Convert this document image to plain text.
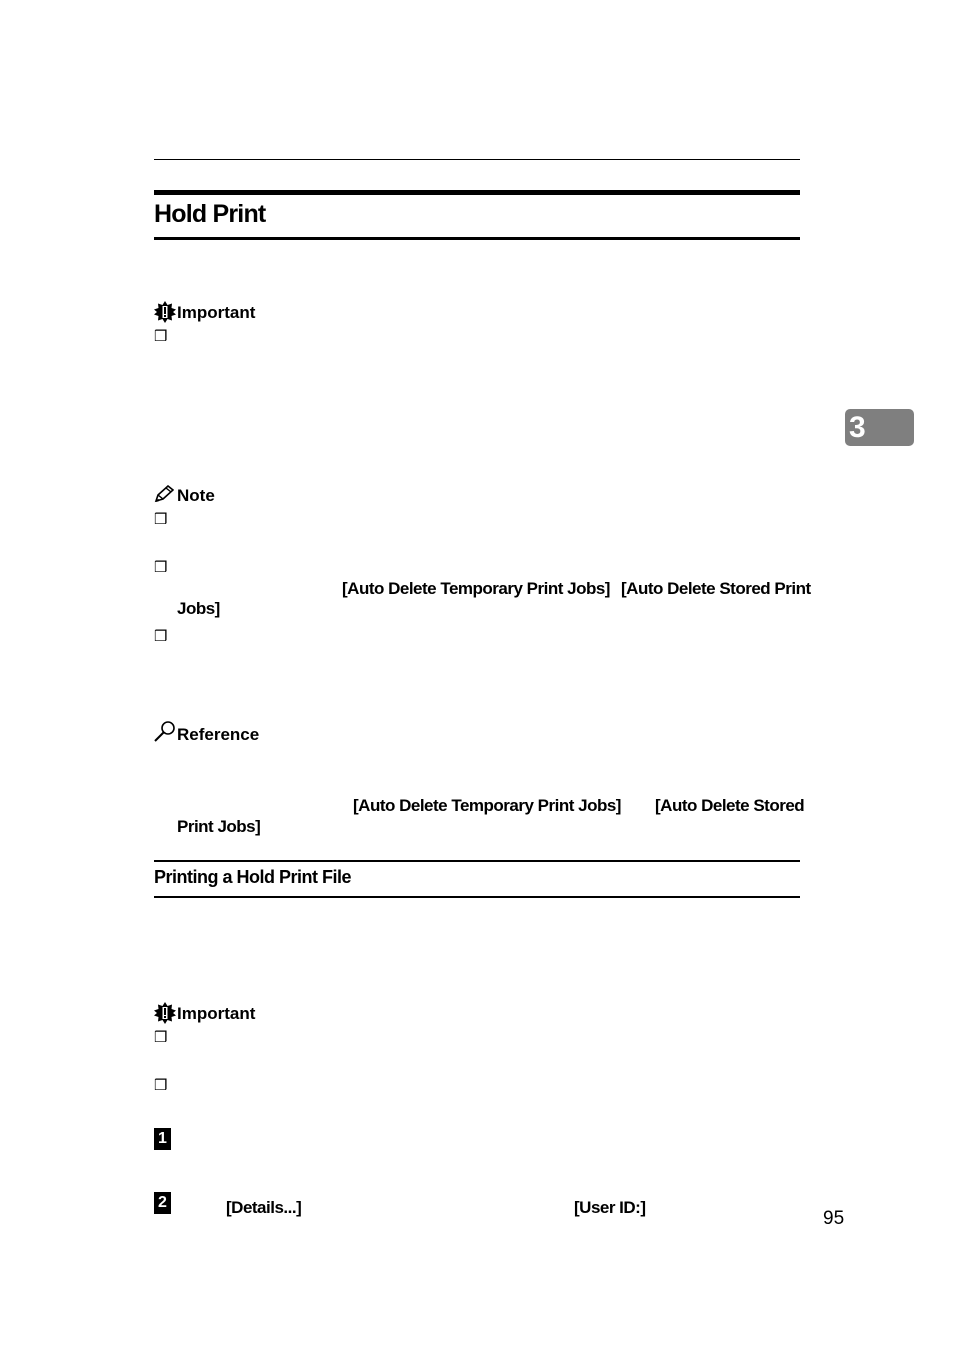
Hold Print
3
Important
❒
Note
❒
❒
[Auto Delete Temporary Print Jobs] [Auto Delete Stored Print
Jobs]
❒
Reference
[Auto Delete Temporary Print Jobs] [Auto Delete Stored
Print Jobs]
Printing a Hold Print File
Important
❒
❒
1
2	[Details...]	[User ID:]
95
